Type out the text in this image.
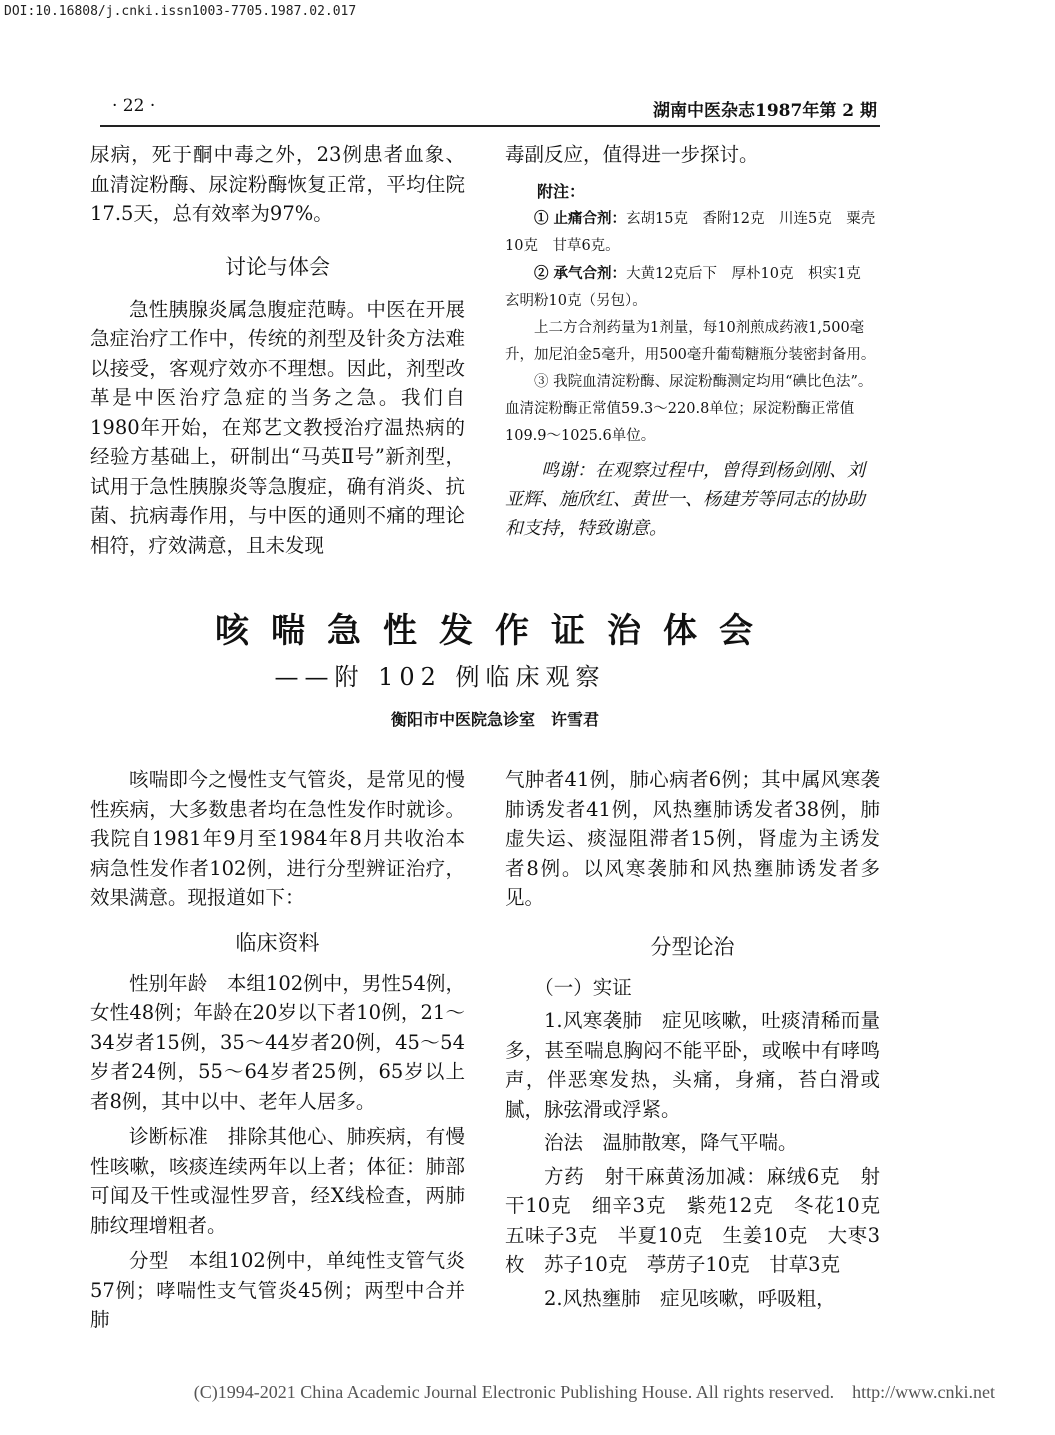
DOI:10.16808/j.cnki.issn1003-7705.1987.02.017
· 22 ·	湖南中医杂志1987年第 2 期

尿病，死于酮中毒之外，23例患者血象、血清淀粉酶、尿淀粉酶恢复正常，平均住院17.5天，总有效率为97%。

讨论与体会

急性胰腺炎属急腹症范畴。中医在开展急症治疗工作中，传统的剂型及针灸方法难以接受，客观疗效亦不理想。因此，剂型改革是中医治疗急症的当务之急。我们自1980年开始，在郑艺文教授治疗温热病的经验方基础上，研制出“马英Ⅱ号”新剂型，试用于急性胰腺炎等急腹症，确有消炎、抗菌、抗病毒作用，与中医的通则不痛的理论相符，疗效满意，且未发现

毒副反应，值得进一步探讨。

附注：

① 止痛合剂：玄胡15克　香附12克　川连5克　粟壳10克　甘草6克。

② 承气合剂：大黄12克后下　厚朴10克　枳实1克　玄明粉10克（另包）。

上二方合剂药量为1剂量，每10剂煎成药液1,500毫升，加尼泊金5毫升，用500毫升葡萄糖瓶分装密封备用。

③ 我院血清淀粉酶、尿淀粉酶测定均用“碘比色法”。血清淀粉酶正常值59.3～220.8单位；尿淀粉酶正常值109.9～1025.6单位。

鸣谢：在观察过程中，曾得到杨剑刚、刘亚辉、施欣红、黄世一、杨建芳等同志的协助和支持，特致谢意。

咳喘急性发作证治体会
——附 102 例临床观察
衡阳市中医院急诊室　许雪君

咳喘即今之慢性支气管炎，是常见的慢性疾病，大多数患者均在急性发作时就诊。我院自1981年9月至1984年8月共收治本病急性发作者102例，进行分型辨证治疗，效果满意。现报道如下：

临床资料

性别年龄　本组102例中，男性54例，女性48例；年龄在20岁以下者10例，21～34岁者15例，35～44岁者20例，45～54岁者24例，55～64岁者25例，65岁以上者8例，其中以中、老年人居多。

诊断标准　排除其他心、肺疾病，有慢性咳嗽，咳痰连续两年以上者；体征：肺部可闻及干性或湿性罗音，经X线检查，两肺肺纹理增粗者。

分型　本组102例中，单纯性支管气炎57例；哮喘性支气管炎45例；两型中合并肺

气肿者41例，肺心病者6例；其中属风寒袭肺诱发者41例，风热壅肺诱发者38例，肺虚失运、痰湿阻滞者15例，肾虚为主诱发者8例。以风寒袭肺和风热壅肺诱发者多见。

分型论治

（一）实证

1.风寒袭肺　症见咳嗽，吐痰清稀而量多，甚至喘息胸闷不能平卧，或喉中有哮鸣声，伴恶寒发热，头痛，身痛，苔白滑或腻，脉弦滑或浮紧。

治法　温肺散寒，降气平喘。

方药　射干麻黄汤加减：麻绒6克　射干10克　细辛3克　紫苑12克　冬花10克　五味子3克　半夏10克　生姜10克　大枣3枚　苏子10克　葶苈子10克　甘草3克

2.风热壅肺　症见咳嗽，呼吸粗，

(C)1994-2021 China Academic Journal Electronic Publishing House. All rights reserved.　http://www.cnki.net
